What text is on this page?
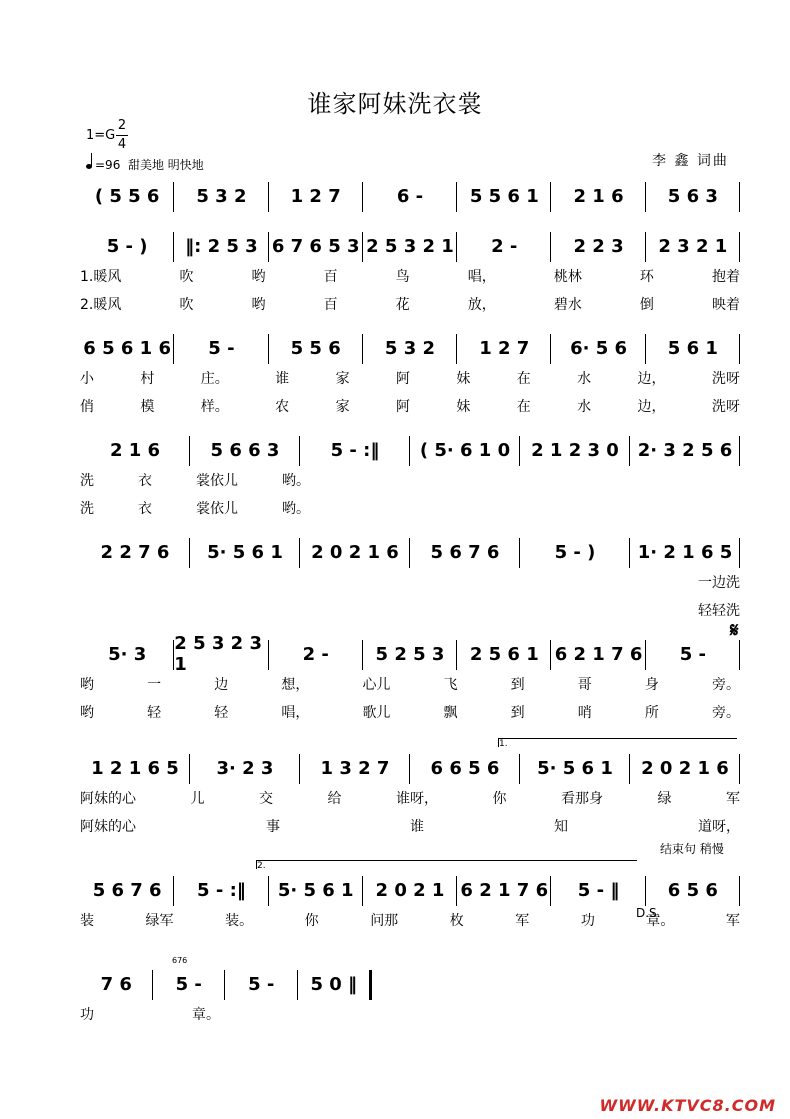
谁家阿妹洗衣裳
1=G
2
4
=96 甜美地 明快地	李 鑫 词曲
( 5 5 6	5 3 2	1 2 7	6 -	5 5 6 1	2 1 6	5 6 3
5 - )	‖: 2 5 3 6 7 6 5 3 2 5 3 2 1	2 -	2 2 3	2 3 2 1
1.暖风	吹	哟	百	鸟	唱，	桃林	环	抱着
2.暖风	吹	哟	百	花	放，	碧水	倒	映着
6 5 6 1 6	5 -	5 5 6	5 3 2	1 2 7	6· 5 6	5 6 1
小	村	庄。	谁	家	阿	妹	在	水	边，	洗呀
俏	模	样。	农	家	阿	妹	在	水	边，	洗呀
2 1 6	5 6 6 3	5 - :‖	( 5· 6 1 0	2 1 2 3 0	2· 3 2 5 6
洗	衣	裳依儿	哟。
洗	衣	裳依儿	哟。
2 2 7 6	5· 5 6 1	2 0 2 1 6	5 6 7 6	5 - )	1· 2 1 6 5
一边洗
轻轻洗
5· 3	2 5 3 2 3 1	2 -	5 2 5 3	2 5 6 1 6 2 1 7 6	5 -
哟	一	边	想，	心儿	飞	到	哥	身	旁。
哟	轻	轻	唱，	歌儿	飘	到	哨	所	旁。
1 2 1 6 5	3· 2 3	1 3 2 7	6 6 5 6	5· 5 6 1	2 0 2 1 6
阿妹的心	儿	交	给	谁呀，	你	看那身	绿	军
阿妹的心	事	谁	知	道呀，
结束句 稍慢
1.
5 6 7 6	5 - :‖	5· 5 6 1	2 0 2 1 6 2 1 7 6	5 - ‖	6 5 6
装	绿军	装。	你	问那	枚	军	功	章。	军
2.
D.S.
7 6	5 -	5 -	5 0 ‖
功	章。
676
𝄋
WWW.KTVC8.COM
